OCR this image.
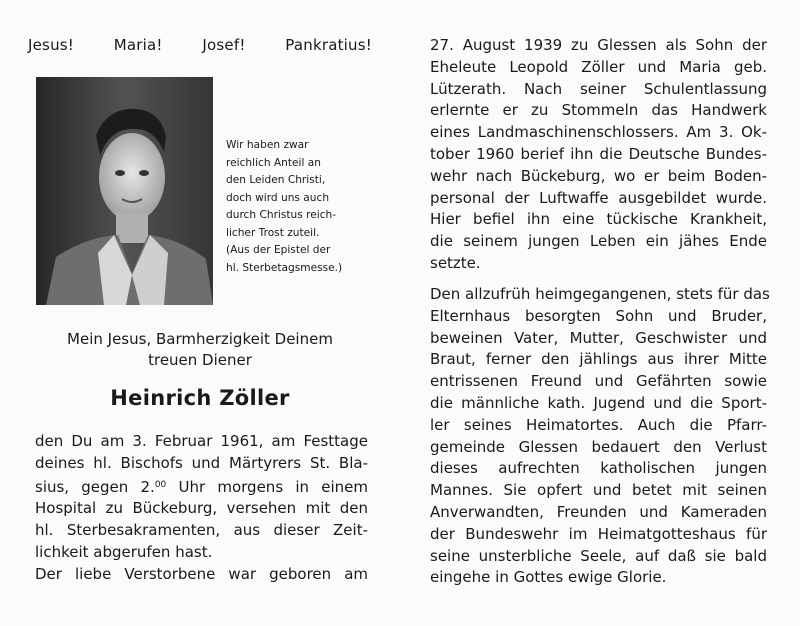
Jesus!	Maria!	Josef!	Pankratius!
Wir haben zwar
reichlich Anteil an
den Leiden Christi,
doch wird uns auch
durch Christus reich-
licher Trost zuteil.
(Aus der Epistel der
hl. Sterbetagsmesse.)
Mein Jesus, Barmherzigkeit Deinem
treuen Diener
Heinrich Zöller
den Du am 3. Februar 1961, am Festtage
deines hl. Bischofs und Märtyrers St. Bla-
sius, gegen 2.00 Uhr morgens in einem
Hospital zu Bückeburg, versehen mit den
hl. Sterbesakramenten, aus dieser Zeit-
lichkeit abgerufen hast.
Der liebe Verstorbene war geboren am
27. August 1939 zu Glessen als Sohn der
Eheleute Leopold Zöller und Maria geb.
Lützerath. Nach seiner Schulentlassung
erlernte er zu Stommeln das Handwerk
eines Landmaschinenschlossers. Am 3. Ok-
tober 1960 berief ihn die Deutsche Bundes-
wehr nach Bückeburg, wo er beim Boden-
personal der Luftwaffe ausgebildet wurde.
Hier befiel ihn eine tückische Krankheit,
die seinem jungen Leben ein jähes Ende
setzte.
Den allzufrüh heimgegangenen, stets für das
Elternhaus besorgten Sohn und Bruder,
beweinen Vater, Mutter, Geschwister und
Braut, ferner den jählings aus ihrer Mitte
entrissenen Freund und Gefährten sowie
die männliche kath. Jugend und die Sport-
ler seines Heimatortes. Auch die Pfarr-
gemeinde Glessen bedauert den Verlust
dieses aufrechten katholischen jungen
Mannes. Sie opfert und betet mit seinen
Anverwandten, Freunden und Kameraden
der Bundeswehr im Heimatgotteshaus für
seine unsterbliche Seele, auf daß sie bald
eingehe in Gottes ewige Glorie.
